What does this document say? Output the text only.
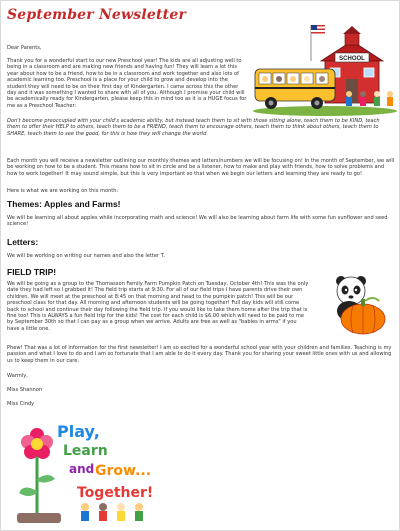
September Newsletter
Dear Parents,
Thank you for a wonderful start to our new Preschool year! The kids are all adjusting well to being in a classroom and are making new friends and having fun! They will learn a lot this year about how to be a friend, how to be in a classroom and work together and also lots of academic learning too. Preschool is a place for your child to grow and develop into the student they will need to be on their first day of Kindergarten. I came across this the other day and it was something I wanted to share with all of you. Although I promise your child will be academically ready for Kindergarten, please keep this in mind too as it is a HUGE focus for me as a Preschool Teacher:
Don't become preoccupied with your child's academic ability, but instead teach them to sit with those sitting alone, teach them to be KIND, teach them to offer their HELP to others, teach them to be a FRIEND, teach them to encourage others, teach them to think about others, teach them to SHARE, teach them to see the good, for this is how they will change the world.
Each month you will receive a newsletter outlining our monthly themes and letters/numbers we will be focusing on! In the month of September, we will be working on how to be a student. This means how to sit in circle and be a listener, how to make and play with friends, how to solve problems and how to work together! It may sound simple, but this is very important so that when we begin our letters and learning they are ready to go!
Here is what we are working on this month:
Themes: Apples and Farms!
We will be learning all about apples while incorporating math and science! We will also be learning about farm life with some fun sunflower and seed science!
Letters:
We will be working on writing our names and also the letter T.
FIELD TRIP!
We will be going as a group to the Thomasson Family Farm Pumpkin Patch on Tuesday, October 4th! This was the only date they had left so I grabbed it! The field trip starts at 9:30. For all of our field trips I have parents drive their own children. We will meet at the preschool at 8:45 on that morning and head to the pumpkin patch! This will be our preschool class for that day. All morning and afternoon students will be going together! Full day kids will still come back to school and continue their day following the field trip. If you would like to take them home after the trip that is fine too! This is ALWAYS a fun field trip for the kids! The cost for each child is $6.00 which will need to be paid to me by September 30th so that I can pay as a group when we arrive. Adults are free as well as "babies in arms" if you have a little one.
Phew! That was a lot of information for the first newsletter! I am so excited for a wonderful school year with your children and families. Teaching is my passion and what I love to do and I am so fortunate that I am able to do it every day. Thank you for sharing your sweet little ones with us and allowing us to keep them in our care.
Warmly,
Miss Shannon
Miss Cindy
SCHOOL
Play,
Learn
and Grow...
Together!
